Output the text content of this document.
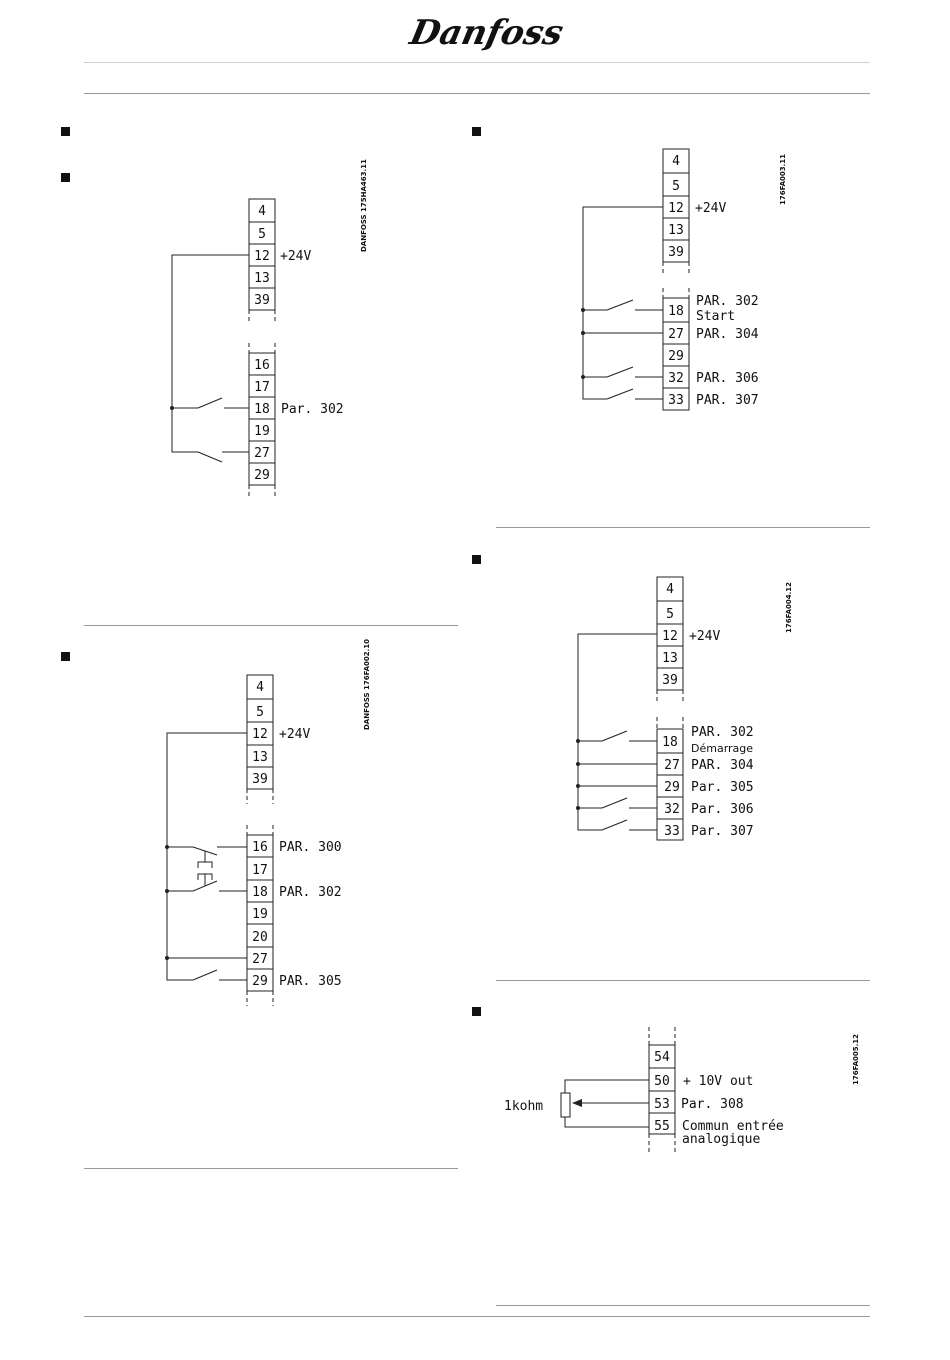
Danfoss
4
5
12
13
39
+24V
DANFOSS 175HA463.11
16
17
18
19
27
29
Par. 302
4
5
12
13
39
+24V
DANFOSS 176FA002.10
16
17
18
19
20
27
29
PAR. 300
PAR. 302
PAR. 305
4
5
12
13
39
+24V
176FA003.11
18
27
29
32
33
PAR. 302
Start
PAR. 304
PAR. 306
PAR. 307
4
5
12
13
39
+24V
176FA004.12
18
27
29
32
33
PAR. 302
Démarrage
PAR. 304
Par. 305
Par. 306
Par. 307
54
50
53
55
+ 10V out
Par. 308
Commun entrée
analogique
176FA005.12
1kohm
